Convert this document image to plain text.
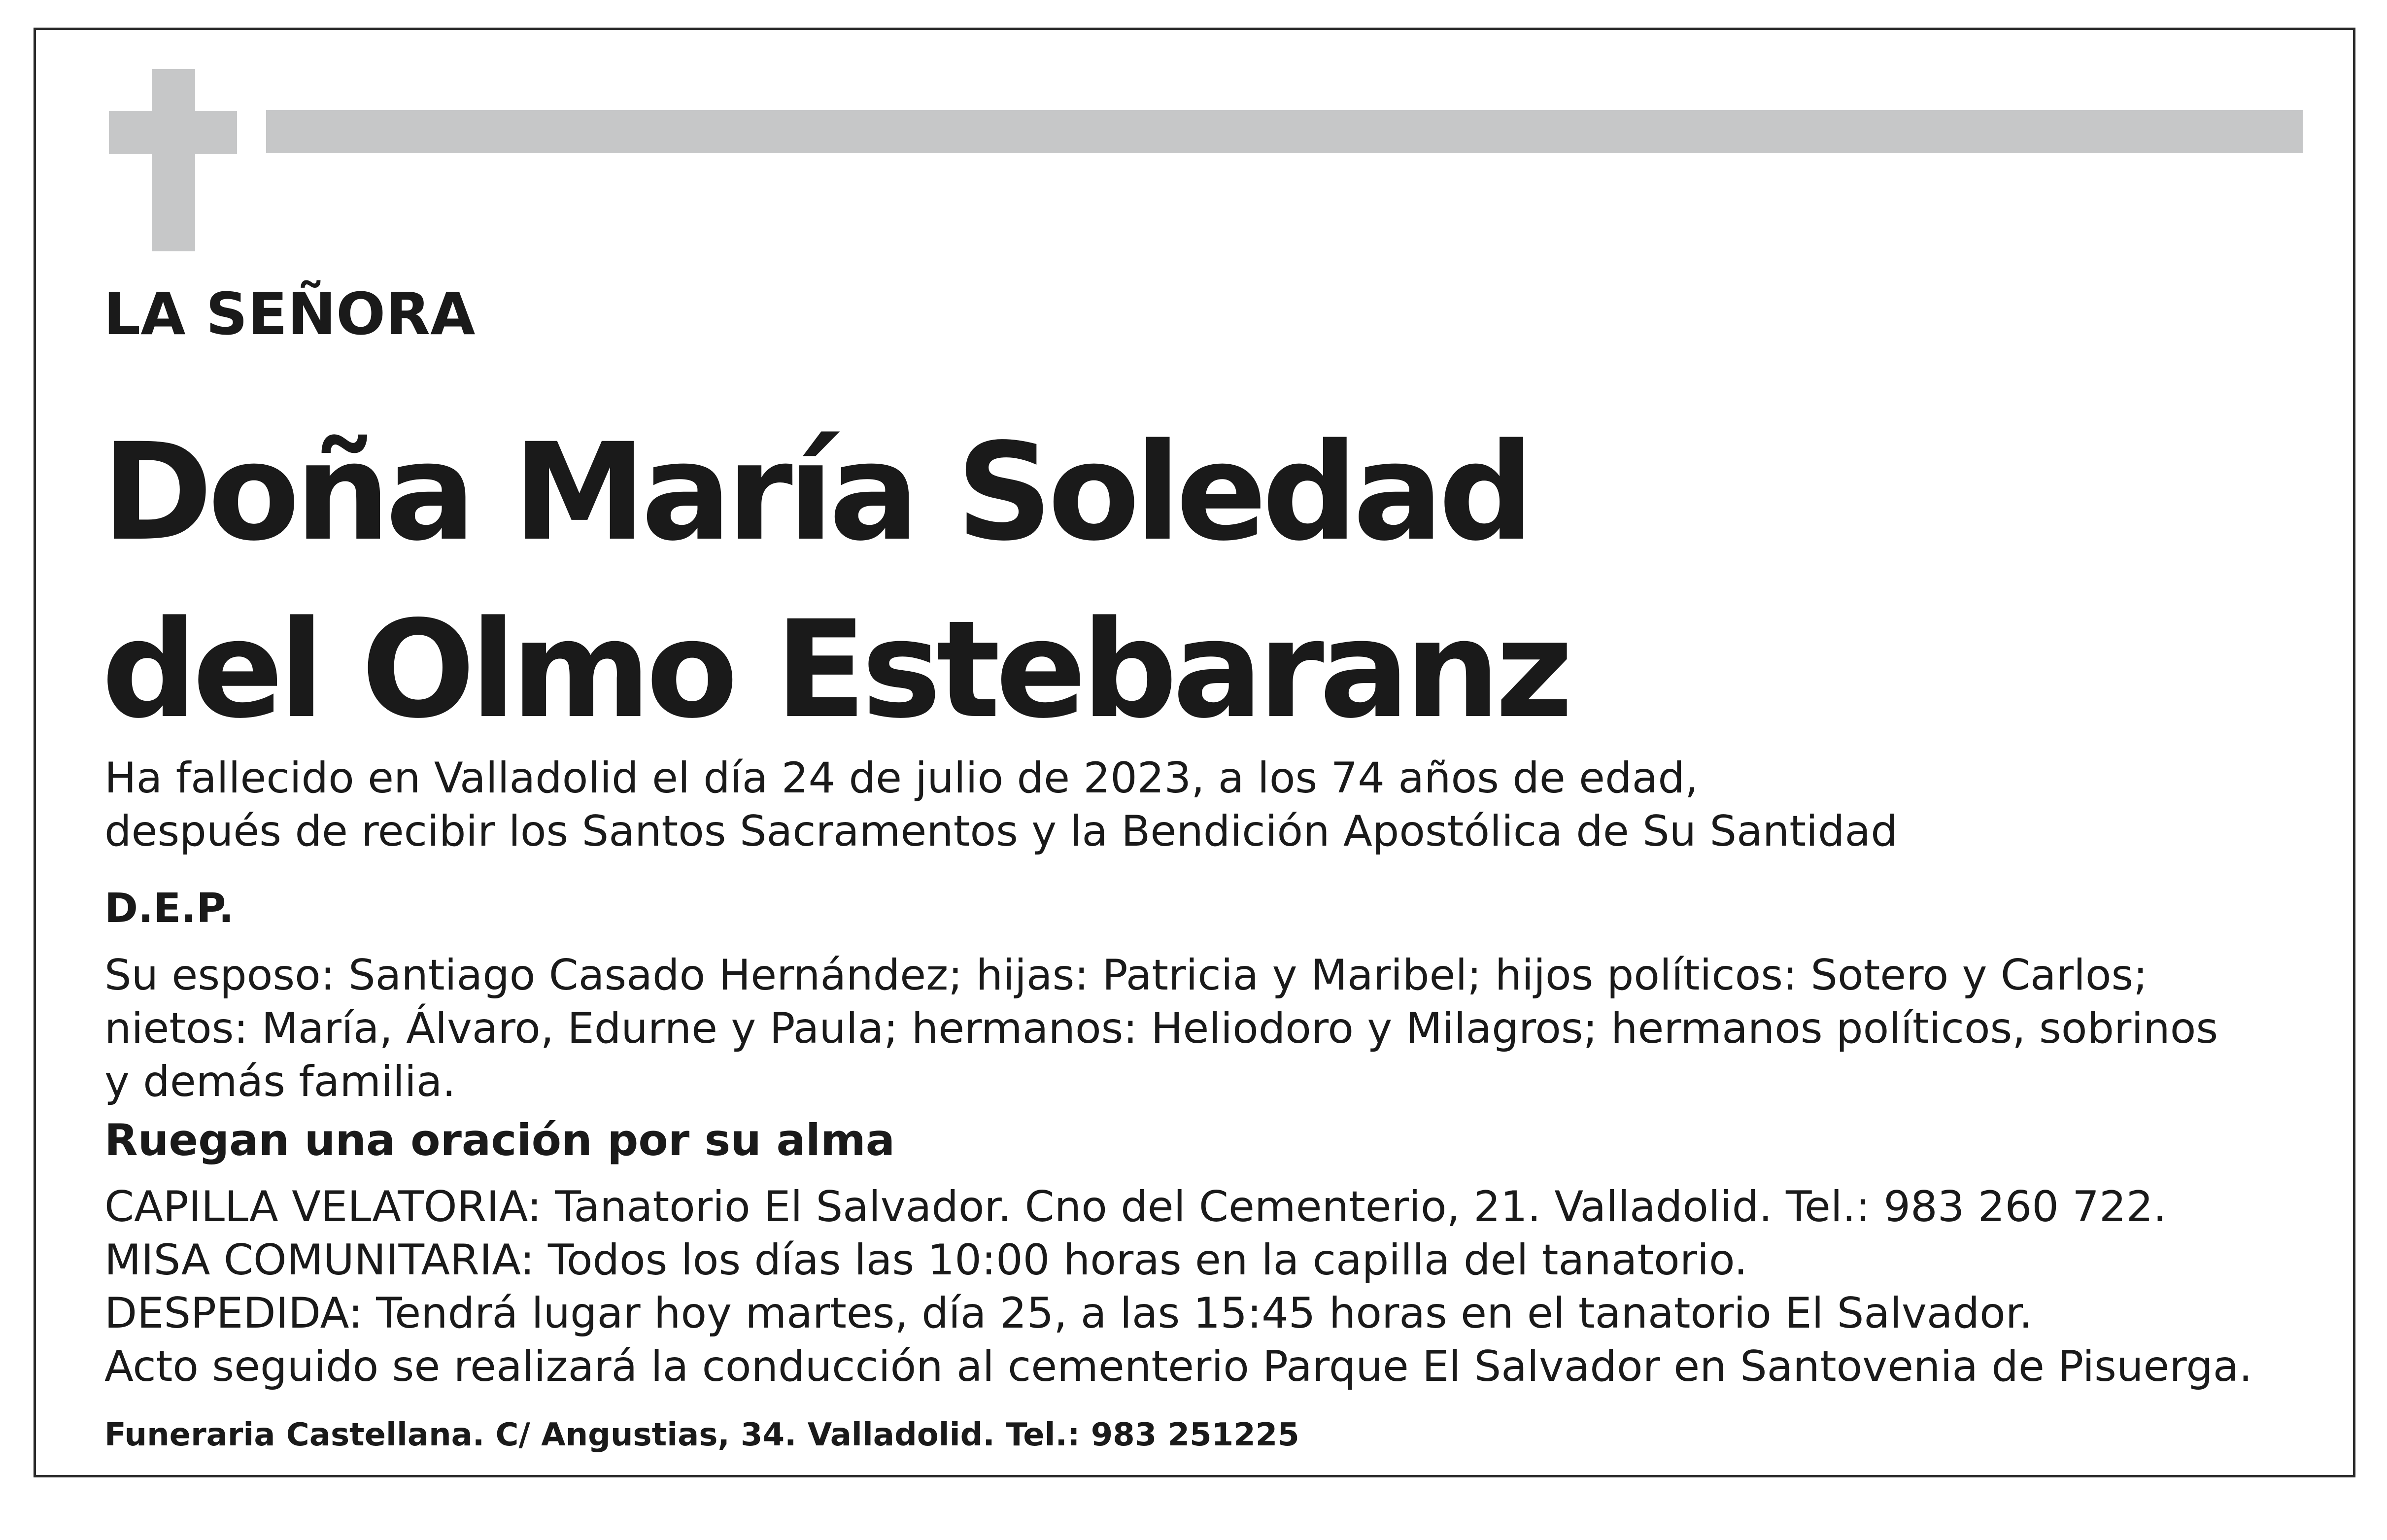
LA SEÑORA
Doña María Soledad
del Olmo Estebaranz
Ha fallecido en Valladolid el día 24 de julio de 2023, a los 74 años de edad,
después de recibir los Santos Sacramentos y la Bendición Apostólica de Su Santidad
D.E.P.
Su esposo: Santiago Casado Hernández; hijas: Patricia y Maribel; hijos políticos: Sotero y Carlos;
nietos: María, Álvaro, Edurne y Paula; hermanos: Heliodoro y Milagros; hermanos políticos, sobrinos
y demás familia.
Ruegan una oración por su alma
CAPILLA VELATORIA: Tanatorio El Salvador. Cno del Cementerio, 21. Valladolid. Tel.: 983 260 722.
MISA COMUNITARIA: Todos los días las 10:00 horas en la capilla del tanatorio.
DESPEDIDA: Tendrá lugar hoy martes, día 25, a las 15:45 horas en el tanatorio El Salvador.
Acto seguido se realizará la conducción al cementerio Parque El Salvador en Santovenia de Pisuerga.
Funeraria Castellana. C/ Angustias, 34. Valladolid. Tel.: 983 251225
